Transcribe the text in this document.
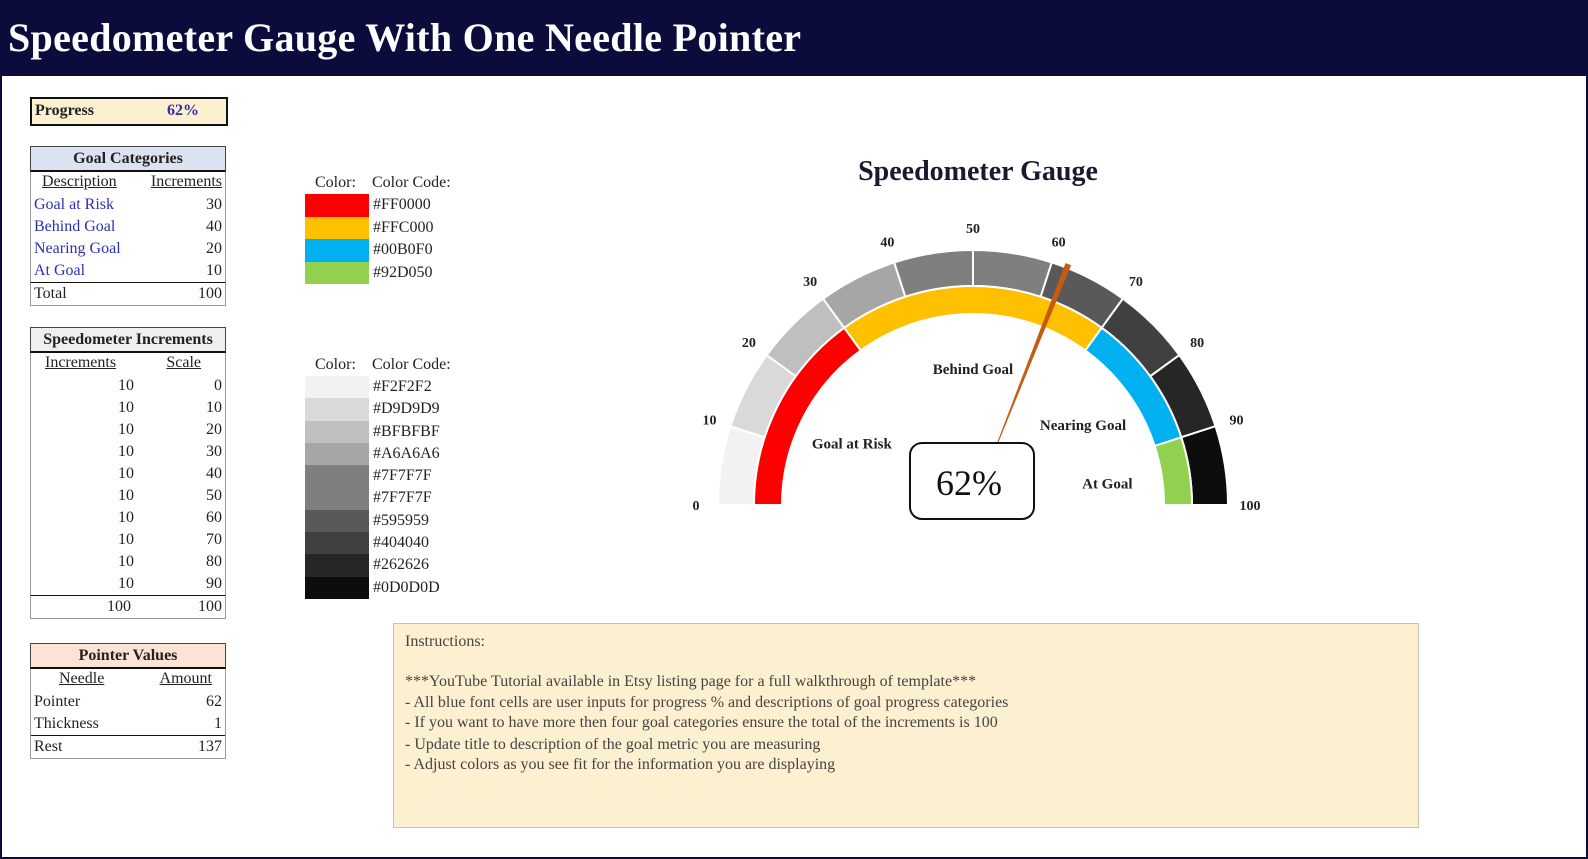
Speedometer Gauge With One Needle Pointer
Progress	62%
Goal Categories
Description Increments
Goal at Risk	30
Behind Goal	40
Nearing Goal	20
At Goal	10
Total	100
Speedometer Increments
Increments	Scale
10	0
10	10
10	20
10	30
10	40
10	50
10	60
10	70
10	80
10	90
100	100
Pointer Values
Needle	Amount
Pointer	62
Thickness	1
Rest	137
Color: Color Code:
#FF0000
#FFC000
#00B0F0
#92D050
Color: Color Code:
#F2F2F2
#D9D9D9
#BFBFBF
#A6A6A6
#7F7F7F
#7F7F7F
#595959
#404040
#262626
#0D0D0D
Speedometer Gauge
0
10
20
30
40
50
60
70
80
90
100
Goal at Risk
Behind Goal
Nearing Goal
At Goal
62%
Instructions:
***YouTube Tutorial available in Etsy listing page for a full walkthrough of template***
- All blue font cells are user inputs for progress % and descriptions of goal progress categories
- If you want to have more then four goal categories ensure the total of the increments is 100
- Update title to description of the goal metric you are measuring
- Adjust colors as you see fit for the information you are displaying
